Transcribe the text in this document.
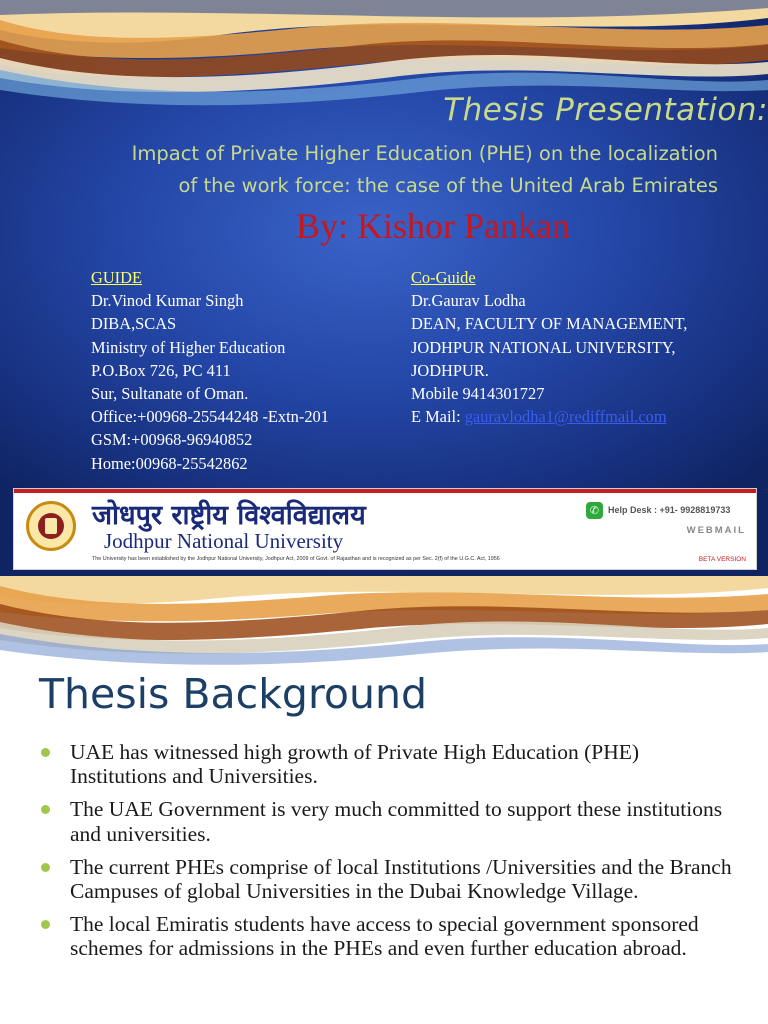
Thesis Presentation:
Impact of Private Higher Education (PHE) on the localization
of the work force: the case of the United Arab Emirates
By: Kishor Pankan
GUIDE
Dr.Vinod Kumar Singh
DIBA,SCAS
Ministry of Higher Education
P.O.Box 726, PC 411
Sur, Sultanate of Oman.
Office:+00968-25544248 -Extn-201
GSM:+00968-96940852
Home:00968-25542862
Co-Guide
Dr.Gaurav Lodha
DEAN, FACULTY OF MANAGEMENT,
JODHPUR NATIONAL UNIVERSITY,
JODHPUR.
Mobile 9414301727
E Mail: gauravlodha1@rediffmail.com
जोधपुर राष्ट्रीय विश्वविद्यालय
Jodhpur National University
The University has been established by the Jodhpur National University, Jodhpur Act, 2009 of Govt. of Rajasthan and is recognized as per Sec. 2(f) of the U.G.C. Act, 1956
✆ Help Desk : +91- 9928819733
WEBMAIL
BETA VERSION
Thesis Background
UAE has witnessed high growth of Private High Education (PHE) Institutions and Universities.
The UAE Government is very much committed to support these institutions and universities.
The current PHEs comprise of local Institutions /Universities and the Branch Campuses of global Universities in the Dubai Knowledge Village.
The local Emiratis students have access to special government sponsored schemes for admissions in the PHEs and even further education abroad.
